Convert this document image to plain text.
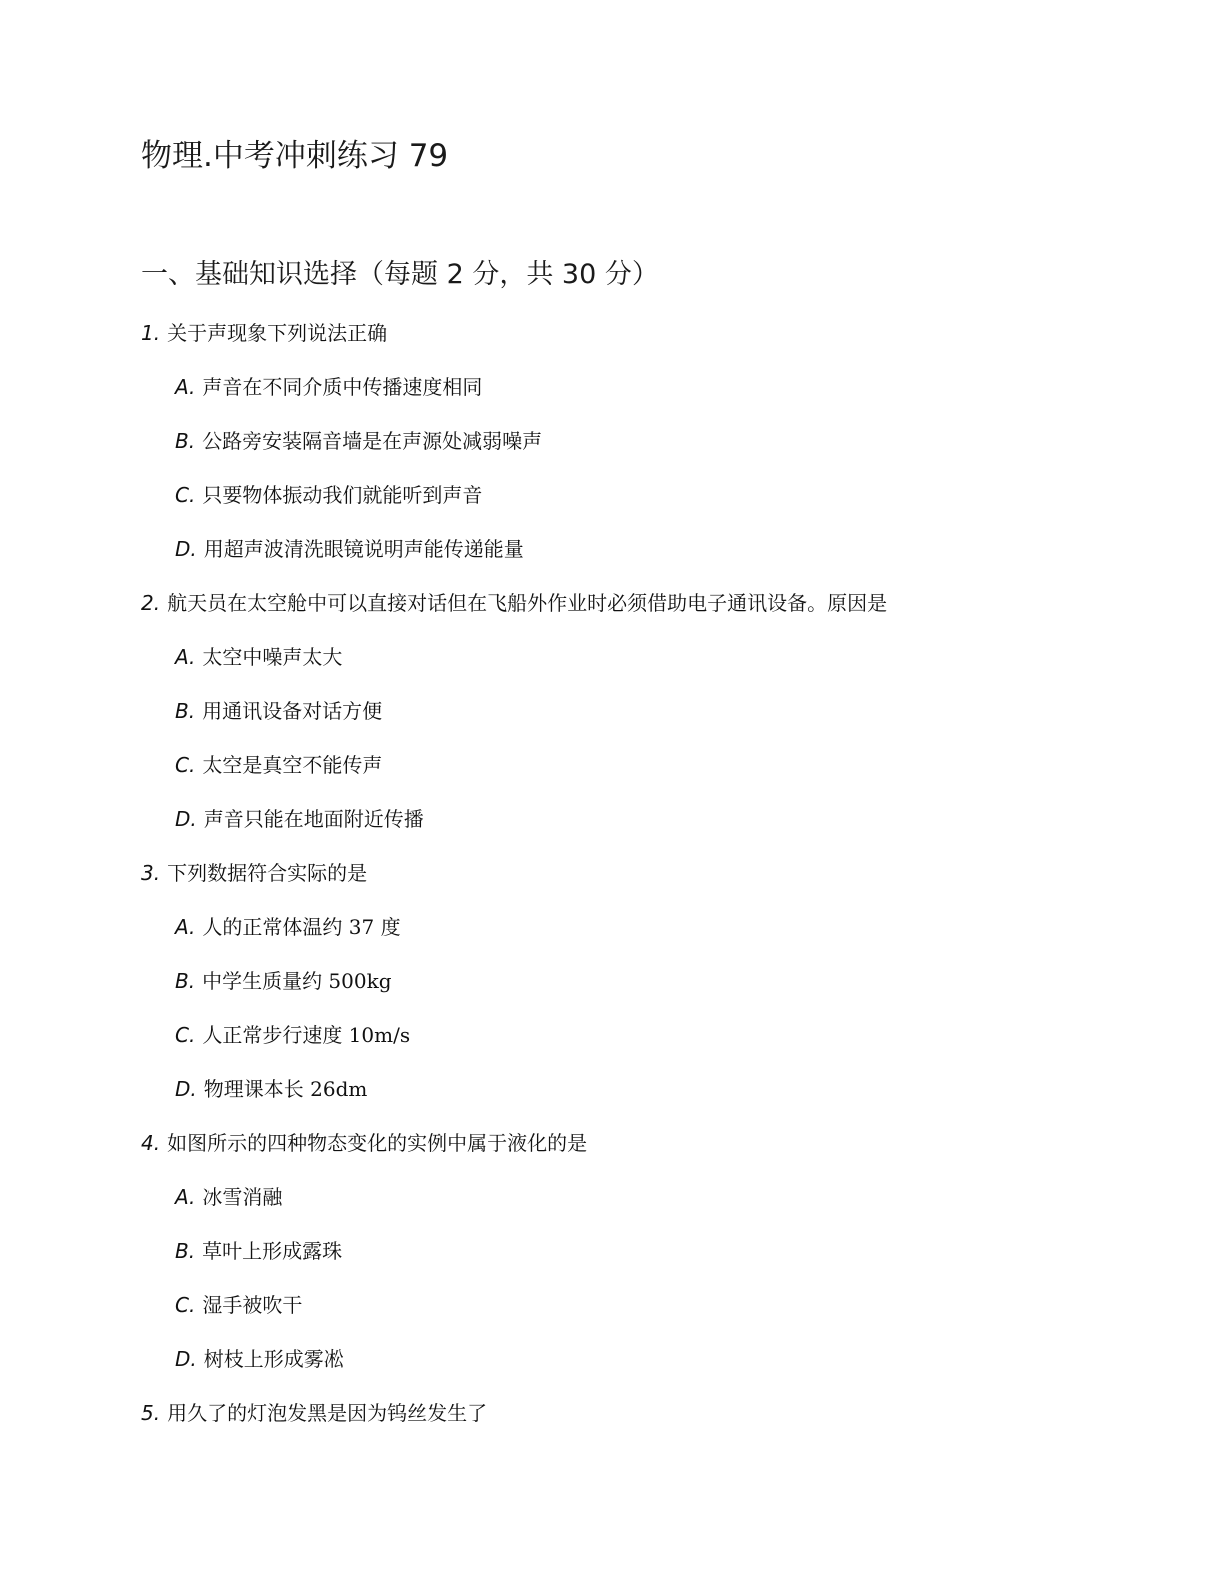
物理.中考冲刺练习 79
一、基础知识选择（每题 2 分，共 30 分）
1. 关于声现象下列说法正确
A. 声音在不同介质中传播速度相同
B. 公路旁安装隔音墙是在声源处减弱噪声
C. 只要物体振动我们就能听到声音
D. 用超声波清洗眼镜说明声能传递能量
2. 航天员在太空舱中可以直接对话但在飞船外作业时必须借助电子通讯设备。原因是
A. 太空中噪声太大
B. 用通讯设备对话方便
C. 太空是真空不能传声
D. 声音只能在地面附近传播
3. 下列数据符合实际的是
A. 人的正常体温约 37 度
B. 中学生质量约 500kg
C. 人正常步行速度 10m/s
D. 物理课本长 26dm
4. 如图所示的四种物态变化的实例中属于液化的是
A. 冰雪消融
B. 草叶上形成露珠
C. 湿手被吹干
D. 树枝上形成雾凇
5. 用久了的灯泡发黑是因为钨丝发生了
